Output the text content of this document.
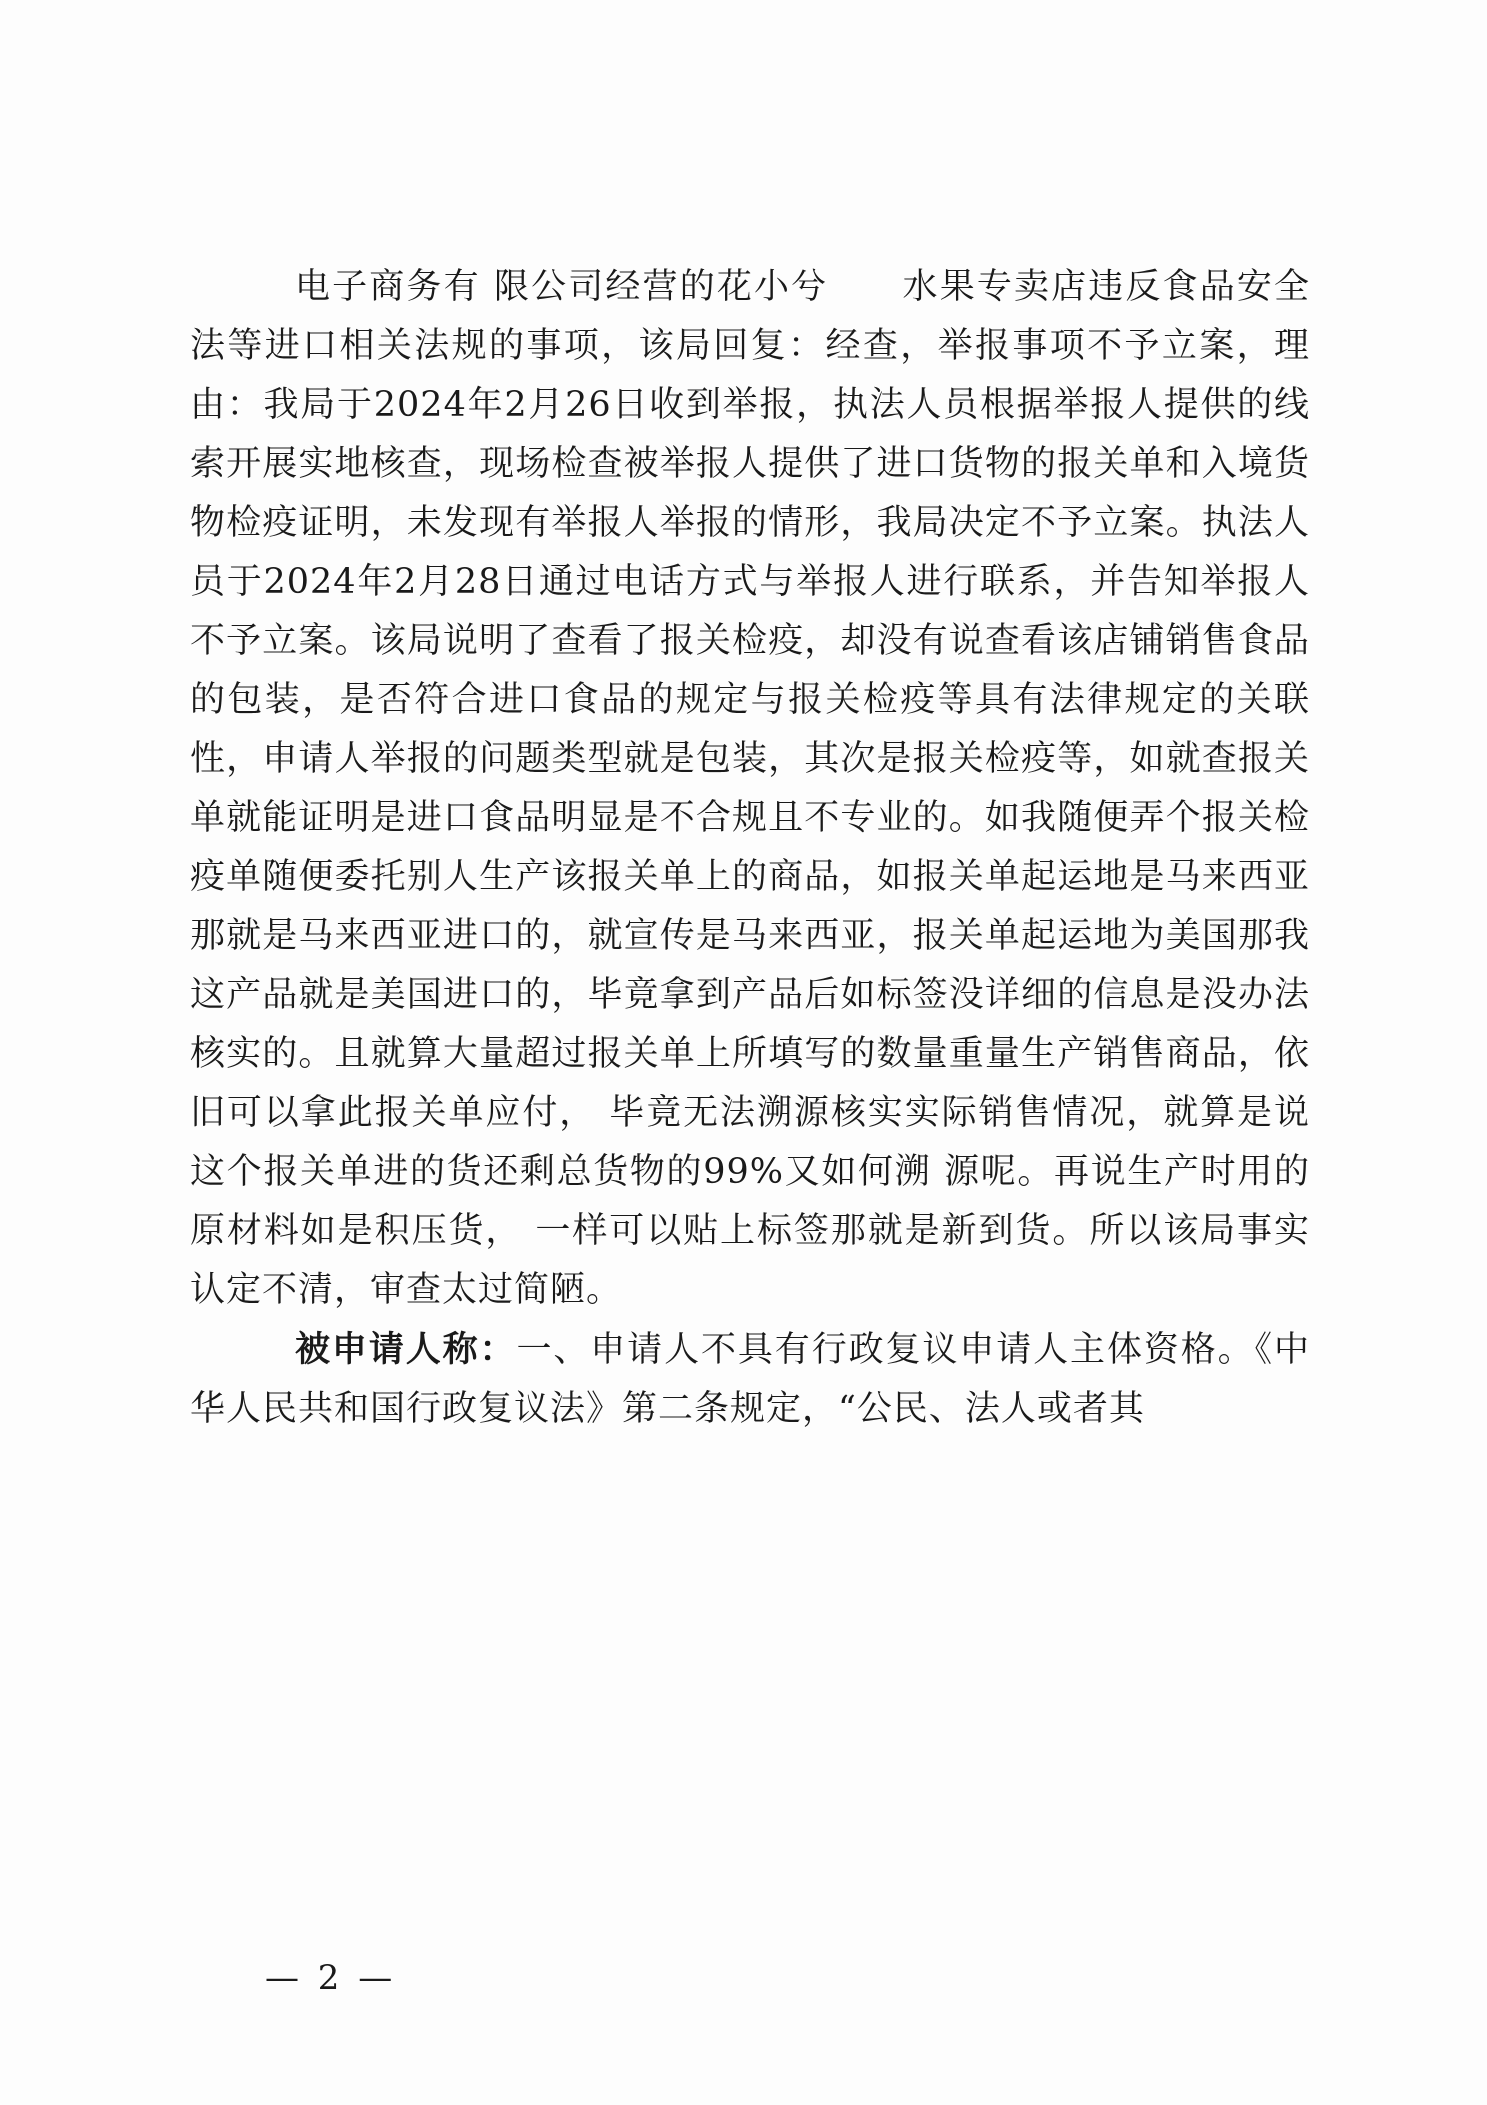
电子商务有 限公司经营的花小兮　　水果专卖店违反食品安全法等进口相关法规的事项，该局回复：经查，举报事项不予立案，理由：我局于2024年2月26日收到举报，执法人员根据举报人提供的线索开展实地核查，现场检查被举报人提供了进口货物的报关单和入境货物检疫证明，未发现有举报人举报的情形，我局决定不予立案。执法人员于2024年2月28日通过电话方式与举报人进行联系，并告知举报人不予立案。该局说明了查看了报关检疫，却没有说查看该店铺销售食品的包装，是否符合进口食品的规定与报关检疫等具有法律规定的关联 性，申请人举报的问题类型就是包装，其次是报关检疫等，如就查报关单就能证明是进口食品明显是不合规且不专业的。如我随便弄个报关检疫单随便委托别人生产该报关单上的商品，如报关单起运地是马来西亚那就是马来西亚进口的，就宣传是马来西亚，报关单起运地为美国那我这产品就是美国进口的，毕竟拿到产品后如标签没详细的信息是没办法核实的。且就算大量超过报关单上所填写的数量重量生产销售商品，依旧可以拿此报关单应付， 毕竟无法溯源核实实际销售情况，就算是说这个报关单进的货还剩总货物的99%又如何溯 源呢。再说生产时用的原材料如是积压货， 一样可以贴上标签那就是新到货。所以该局事实认定不清，审查太过简陋。

被申请人称：一、申请人不具有行政复议申请人主体资格。《中华人民共和国行政复议法》第二条规定，“公民、法人或者其

— 2 —
